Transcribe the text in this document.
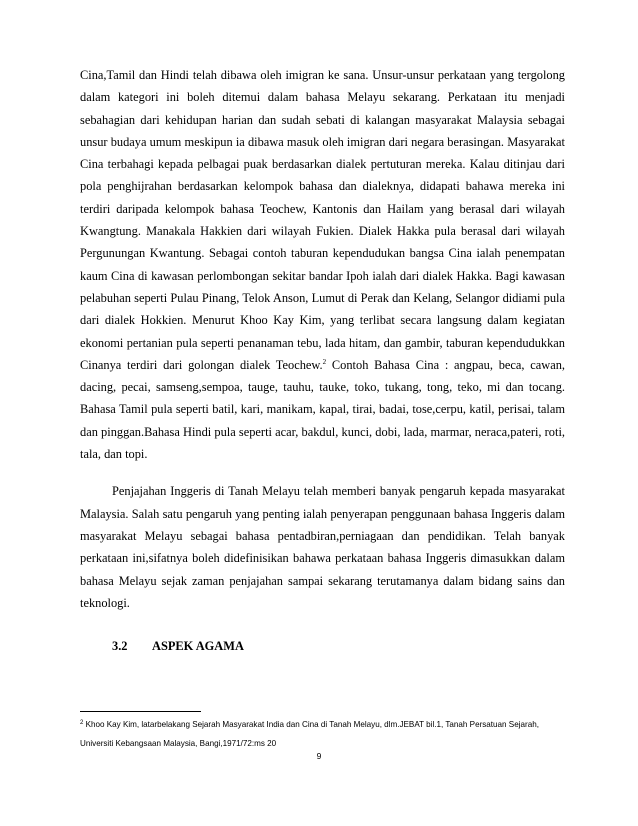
Cina,Tamil dan Hindi telah dibawa oleh imigran ke sana. Unsur-unsur perkataan yang tergolong dalam kategori ini boleh ditemui dalam bahasa Melayu sekarang. Perkataan itu menjadi sebahagian dari kehidupan harian dan sudah sebati di kalangan masyarakat Malaysia sebagai unsur budaya umum meskipun ia dibawa masuk oleh imigran dari negara berasingan. Masyarakat Cina terbahagi kepada pelbagai puak berdasarkan dialek pertuturan mereka. Kalau ditinjau dari pola penghijrahan berdasarkan kelompok bahasa dan dialeknya, didapati bahawa mereka ini terdiri daripada kelompok bahasa Teochew, Kantonis dan Hailam yang berasal dari wilayah Kwangtung. Manakala Hakkien dari wilayah Fukien. Dialek Hakka pula berasal dari wilayah Pergunungan Kwantung. Sebagai contoh taburan kependudukan bangsa Cina ialah penempatan kaum Cina di kawasan perlombongan sekitar bandar Ipoh ialah dari dialek Hakka. Bagi kawasan pelabuhan seperti Pulau Pinang, Telok Anson, Lumut di Perak dan Kelang, Selangor didiami pula dari dialek Hokkien. Menurut Khoo Kay Kim, yang terlibat secara langsung dalam kegiatan ekonomi pertanian pula seperti penanaman tebu, lada hitam, dan gambir, taburan kependudukkan Cinanya terdiri dari golongan dialek Teochew.$^2$ Contoh Bahasa Cina : angpau, beca, cawan, dacing, pecai, samseng,sempoa, tauge, tauhu, tauke, toko, tukang, tong, teko, mi dan tocang. Bahasa Tamil pula seperti batil, kari, manikam, kapal, tirai, badai, tose,cerpu, katil, perisai, talam dan pinggan.Bahasa Hindi pula seperti acar, bakdul, kunci, dobi, lada, marmar, neraca,pateri, roti, tala, dan topi.

Penjajahan Inggeris di Tanah Melayu telah memberi banyak pengaruh kepada masyarakat Malaysia. Salah satu pengaruh yang penting ialah penyerapan penggunaan bahasa Inggeris dalam masyarakat Melayu sebagai bahasa pentadbiran,perniagaan dan pendidikan. Telah banyak perkataan ini,sifatnya boleh didefinisikan bahawa perkataan bahasa Inggeris dimasukkan dalam bahasa Melayu sejak zaman penjajahan sampai sekarang terutamanya dalam bidang sains dan teknologi.

3.2 ASPEK AGAMA
$^2$ Khoo Kay Kim, latarbelakang Sejarah Masyarakat India dan Cina di Tanah Melayu, dlm.JEBAT bil.1, Tanah Persatuan Sejarah, Universiti Kebangsaan Malaysia, Bangi,1971/72:ms 20
9
